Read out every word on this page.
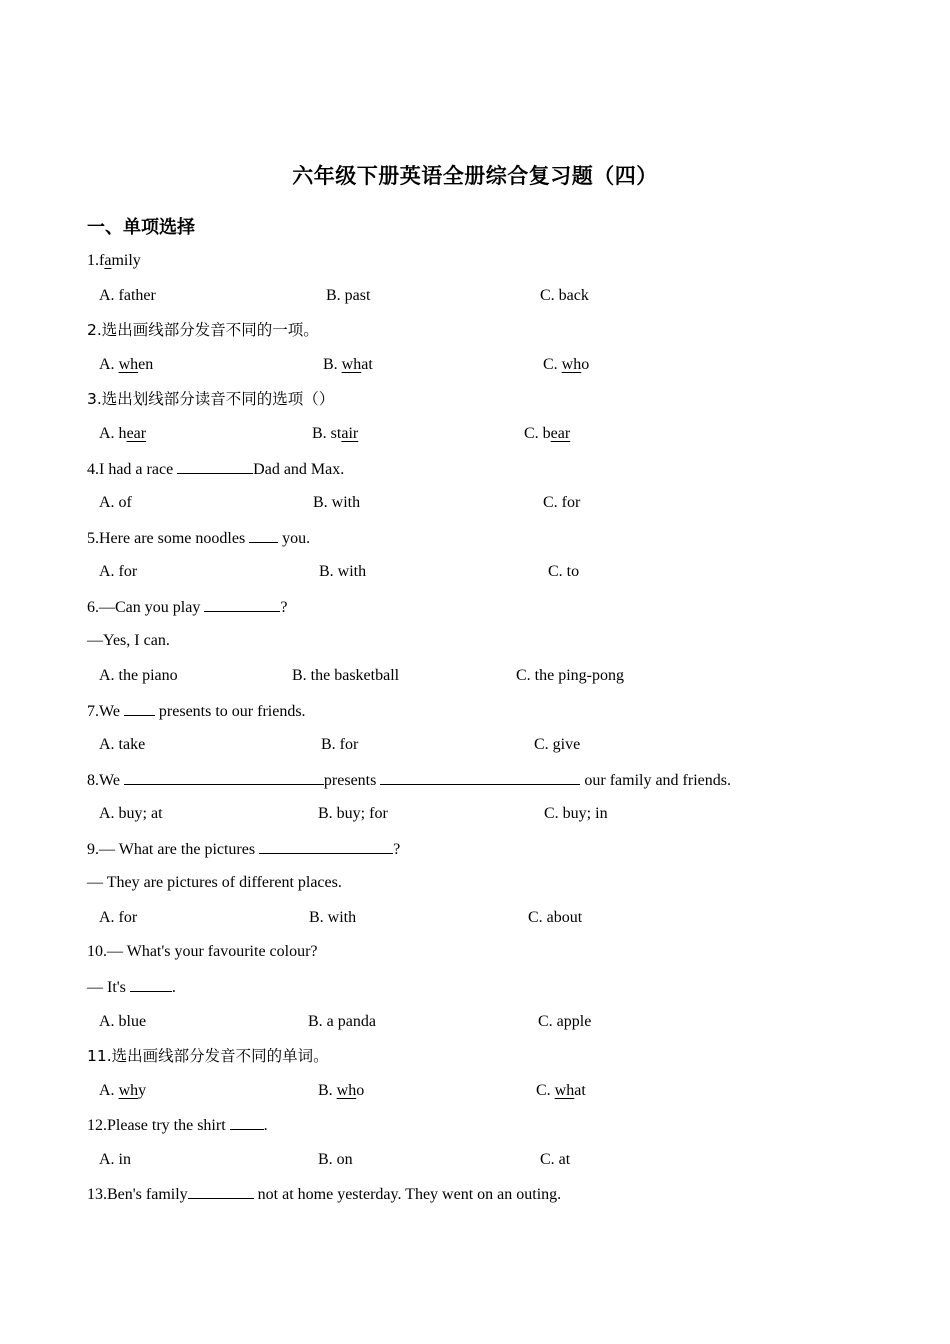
六年级下册英语全册综合复习题（四）
一、单项选择
1.family
A. father	B. past	C. back
2.选出画线部分发音不同的一项。
A. when	B. what	C. who
3.选出划线部分读音不同的选项（）
A. hear	B. stair	C. bear
4.I had a race	Dad and Max.
A. of	B. with	C. for
5.Here are some noodles  you.
A. for	B. with	C. to
6.—Can you play	?
—Yes, I can.
A. the piano	B. the basketball	C. the ping-pong
7.We  presents to our friends.
A. take	B. for	C. give
8.We	presents	our family and friends.
A. buy; at	B. buy; for	C. buy; in
9.— What are the pictures	?
— They are pictures of different places.
A. for	B. with	C. about
10.— What's your favourite colour?
— It's	.
A. blue	B. a panda	C. apple
11.选出画线部分发音不同的单词。
A. why	B. who	C. what
12.Please try the shirt .
A. in	B. on	C. at
13.Ben's family	not at home yesterday. They went on an outing.
